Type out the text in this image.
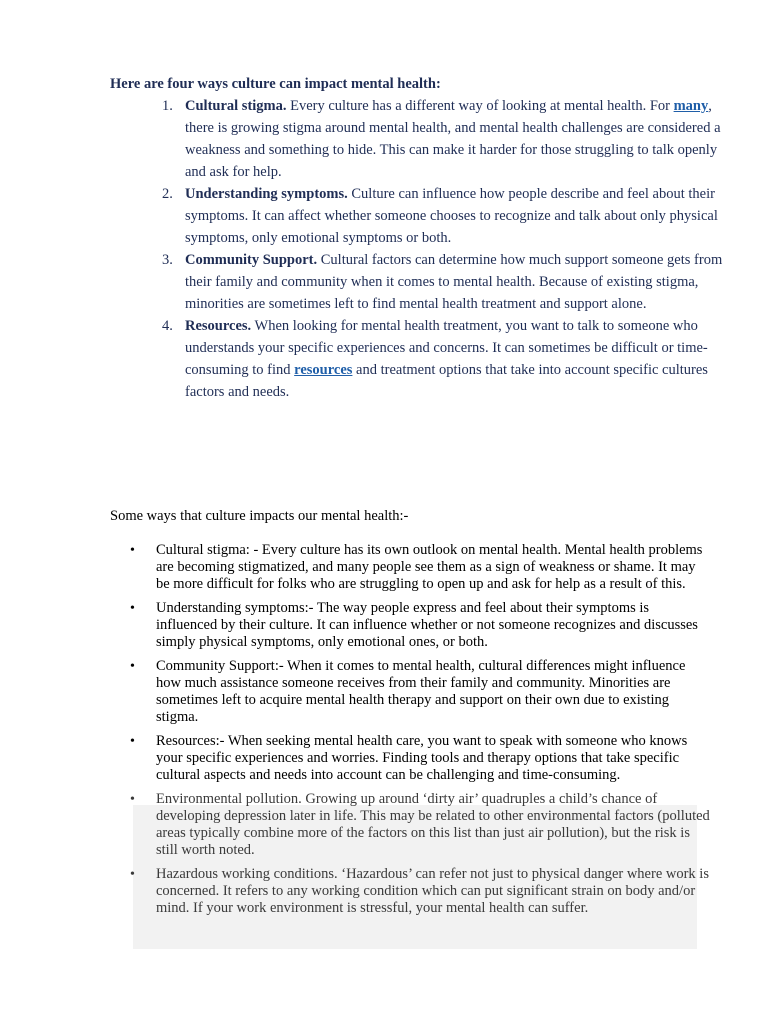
Here are four ways culture can impact mental health:
1. Cultural stigma. Every culture has a different way of looking at mental health. For many, there is growing stigma around mental health, and mental health challenges are considered a weakness and something to hide. This can make it harder for those struggling to talk openly and ask for help.
2. Understanding symptoms. Culture can influence how people describe and feel about their symptoms. It can affect whether someone chooses to recognize and talk about only physical symptoms, only emotional symptoms or both.
3. Community Support. Cultural factors can determine how much support someone gets from their family and community when it comes to mental health. Because of existing stigma, minorities are sometimes left to find mental health treatment and support alone.
4. Resources. When looking for mental health treatment, you want to talk to someone who understands your specific experiences and concerns. It can sometimes be difficult or time-consuming to find resources and treatment options that take into account specific cultures factors and needs.
Some ways that culture impacts our mental health:-
• Cultural stigma: - Every culture has its own outlook on mental health. Mental health problems are becoming stigmatized, and many people see them as a sign of weakness or shame. It may be more difficult for folks who are struggling to open up and ask for help as a result of this.
• Understanding symptoms:- The way people express and feel about their symptoms is influenced by their culture. It can influence whether or not someone recognizes and discusses simply physical symptoms, only emotional ones, or both.
• Community Support:- When it comes to mental health, cultural differences might influence how much assistance someone receives from their family and community. Minorities are sometimes left to acquire mental health therapy and support on their own due to existing stigma.
• Resources:- When seeking mental health care, you want to speak with someone who knows your specific experiences and worries. Finding tools and therapy options that take specific cultural aspects and needs into account can be challenging and time-consuming.
• Environmental pollution. Growing up around ‘dirty air’ quadruples a child’s chance of developing depression later in life. This may be related to other environmental factors (polluted areas typically combine more of the factors on this list than just air pollution), but the risk is still worth noted.
• Hazardous working conditions. ‘Hazardous’ can refer not just to physical danger where work is concerned. It refers to any working condition which can put significant strain on body and/or mind. If your work environment is stressful, your mental health can suffer.
